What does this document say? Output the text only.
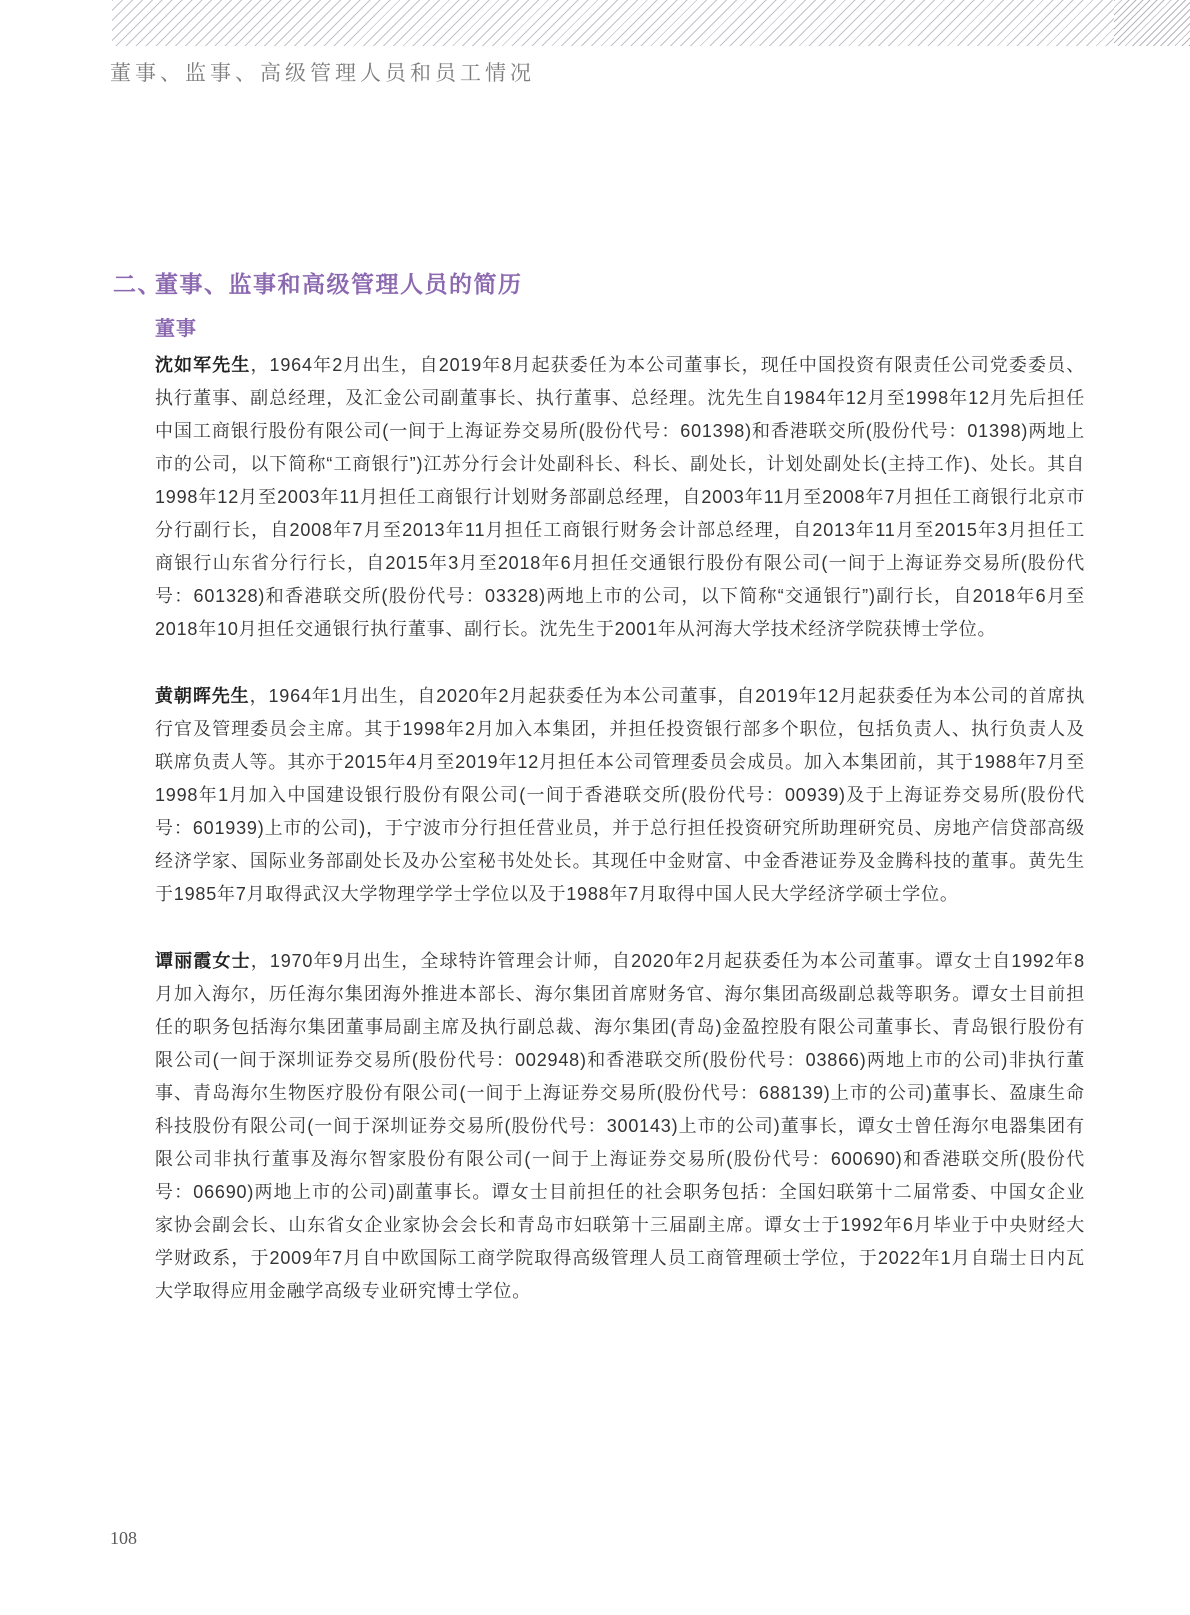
董事、监事、高级管理人员和员工情况
二、董事、监事和高级管理人员的简历
董事

沈如军先生，1964年2月出生，自2019年8月起获委任为本公司董事长，现任中国投资有限责任公司党委委员、执行董事、副总经理，及汇金公司副董事长、执行董事、总经理。沈先生自1984年12月至1998年12月先后担任中国工商银行股份有限公司(一间于上海证券交易所(股份代号：601398)和香港联交所(股份代号：01398)两地上市的公司，以下简称“工商银行”)江苏分行会计处副科长、科长、副处长，计划处副处长(主持工作)、处长。其自1998年12月至2003年11月担任工商银行计划财务部副总经理，自2003年11月至2008年7月担任工商银行北京市分行副行长，自2008年7月至2013年11月担任工商银行财务会计部总经理，自2013年11月至2015年3月担任工商银行山东省分行行长，自2015年3月至2018年6月担任交通银行股份有限公司(一间于上海证券交易所(股份代号：601328)和香港联交所(股份代号：03328)两地上市的公司，以下简称“交通银行”)副行长，自2018年6月至2018年10月担任交通银行执行董事、副行长。沈先生于2001年从河海大学技术经济学院获博士学位。

黄朝晖先生，1964年1月出生，自2020年2月起获委任为本公司董事，自2019年12月起获委任为本公司的首席执行官及管理委员会主席。其于1998年2月加入本集团，并担任投资银行部多个职位，包括负责人、执行负责人及联席负责人等。其亦于2015年4月至2019年12月担任本公司管理委员会成员。加入本集团前，其于1988年7月至1998年1月加入中国建设银行股份有限公司(一间于香港联交所(股份代号：00939)及于上海证券交易所(股份代号：601939)上市的公司)，于宁波市分行担任营业员，并于总行担任投资研究所助理研究员、房地产信贷部高级经济学家、国际业务部副处长及办公室秘书处处长。其现任中金财富、中金香港证券及金腾科技的董事。黄先生于1985年7月取得武汉大学物理学学士学位以及于1988年7月取得中国人民大学经济学硕士学位。

谭丽霞女士，1970年9月出生，全球特许管理会计师，自2020年2月起获委任为本公司董事。谭女士自1992年8月加入海尔，历任海尔集团海外推进本部长、海尔集团首席财务官、海尔集团高级副总裁等职务。谭女士目前担任的职务包括海尔集团董事局副主席及执行副总裁、海尔集团(青岛)金盈控股有限公司董事长、青岛银行股份有限公司(一间于深圳证券交易所(股份代号：002948)和香港联交所(股份代号：03866)两地上市的公司)非执行董事、青岛海尔生物医疗股份有限公司(一间于上海证券交易所(股份代号：688139)上市的公司)董事长、盈康生命科技股份有限公司(一间于深圳证券交易所(股份代号：300143)上市的公司)董事长，谭女士曾任海尔电器集团有限公司非执行董事及海尔智家股份有限公司(一间于上海证券交易所(股份代号：600690)和香港联交所(股份代号：06690)两地上市的公司)副董事长。谭女士目前担任的社会职务包括：全国妇联第十二届常委、中国女企业家协会副会长、山东省女企业家协会会长和青岛市妇联第十三届副主席。谭女士于1992年6月毕业于中央财经大学财政系，于2009年7月自中欧国际工商学院取得高级管理人员工商管理硕士学位，于2022年1月自瑞士日内瓦大学取得应用金融学高级专业研究博士学位。

108
